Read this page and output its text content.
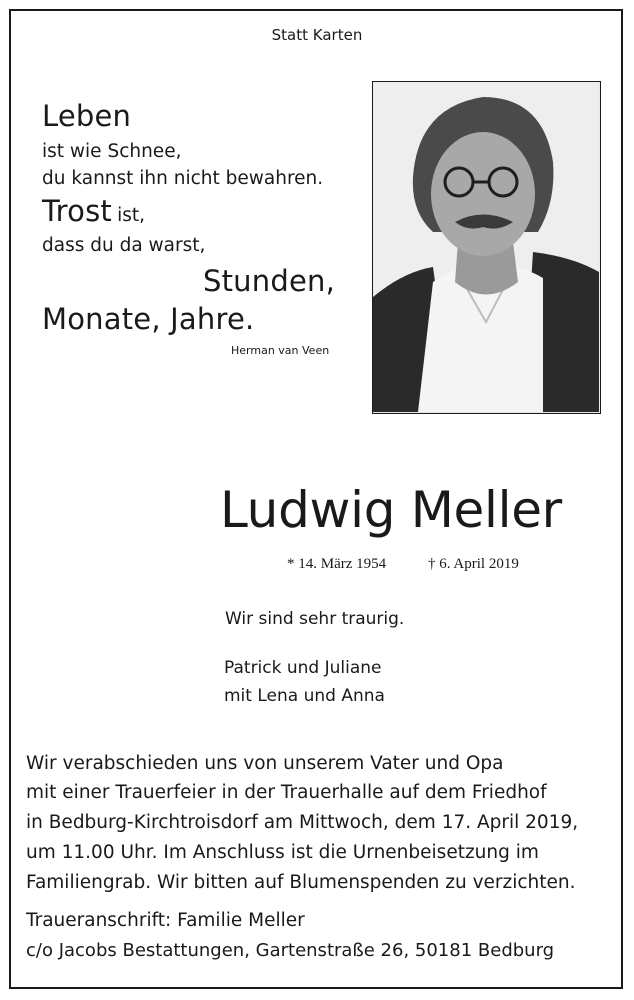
Statt Karten
Leben
ist wie Schnee,
du kannst ihn nicht bewahren.
Trost ist,
dass du da warst,
Stunden,
Monate, Jahre.
Herman van Veen
Ludwig Meller
* 14. März 1954	† 6. April 2019
Wir sind sehr traurig.
Patrick und Juliane
mit Lena und Anna
Wir verabschieden uns von unserem Vater und Opa
mit einer Trauerfeier in der Trauerhalle auf dem Friedhof
in Bedburg-Kirchtroisdorf am Mittwoch, dem 17. April 2019,
um 11.00 Uhr. Im Anschluss ist die Urnenbeisetzung im
Familiengrab. Wir bitten auf Blumenspenden zu verzichten.
Traueranschrift: Familie Meller
c/o Jacobs Bestattungen, Gartenstraße 26, 50181 Bedburg
